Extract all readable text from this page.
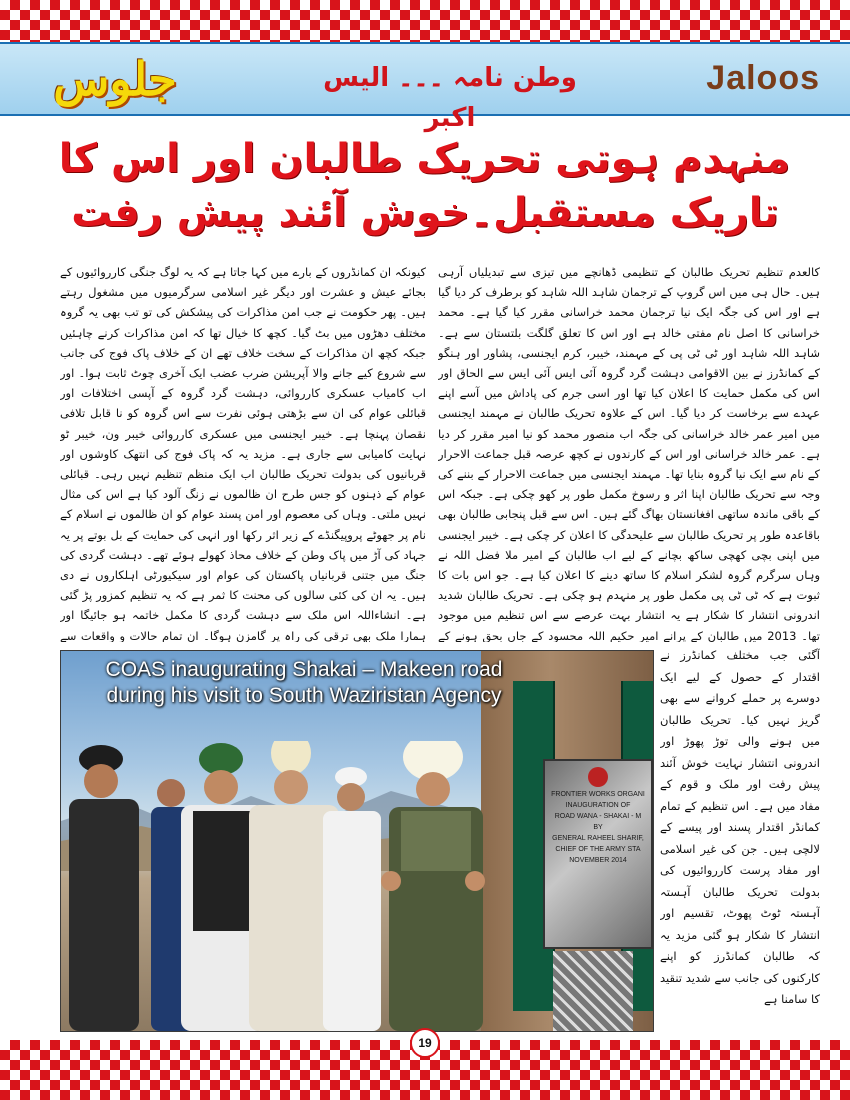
جلوس	وطن نامہ ۔۔۔ الیس اکبر
Jaloos
منہدم ہوتی تحریک طالبان اور اس کا
تاریک مستقبل۔خوش آئند پیش رفت
کالعدم تنظیم تحریک طالبان کے تنظیمی ڈھانچے میں تیزی سے تبدیلیاں آرہی ہیں۔ حال ہی میں اس گروپ کے ترجمان شاہد اللہ شاہد کو برطرف کر دیا گیا ہے اور اس کی جگہ ایک نیا ترجمان محمد خراسانی مقرر کیا گیا ہے۔ محمد خراسانی کا اصل نام مفتی خالد ہے اور اس کا تعلق گلگت بلتستان سے ہے۔ شاہد اللہ شاہد اور ٹی ٹی پی کے مہمند، خیبر، کرم ایجنسی، پشاور اور ہنگو کے کمانڈرز نے بین الاقوامی دہشت گرد گروہ آئی ایس آئی ایس سے الحاق اور اس کی مکمل حمایت کا اعلان کیا تھا اور اسی جرم کی پاداش میں آسے اپنے عہدے سے برخاست کر دیا گیا۔ اس کے علاوہ تحریک طالبان نے مہمند ایجنسی میں امیر عمر خالد خراسانی کی جگہ اب منصور محمد کو نیا امیر مقرر کر دیا ہے۔ عمر خالد خراسانی اور اس کے کارندوں نے کچھ عرصہ قبل جماعت الاحرار کے نام سے ایک نیا گروہ بنایا تھا۔ مہمند ایجنسی میں جماعت الاحرار کے بننے کی وجہ سے تحریک طالبان اپنا اثر و رسوخ مکمل طور پر کھو چکی ہے۔ جبکہ اس کے باقی ماندہ ساتھی افغانستان بھاگ گئے ہیں۔ اس سے قبل پنجابی طالبان بھی باقاعدہ طور پر تحریک طالبان سے علیحدگی کا اعلان کر چکی ہے۔ خیبر ایجنسی میں اپنی بچی کھچی ساکھ بچانے کے لیے اب طالبان کے امیر ملا فضل اللہ نے وہاں سرگرم گروہ لشکر اسلام کا ساتھ دینے کا اعلان کیا ہے۔ جو اس بات کا ثبوت ہے کہ ٹی ٹی پی مکمل طور پر منہدم ہو چکی ہے۔ تحریک طالبان شدید اندرونی انتشار کا شکار ہے یہ انتشار بہت عرصے سے اس تنظیم میں موجود تھا۔ 2013 میں طالبان کے پرانے امیر حکیم اللہ محسود کے جاں بحق ہونے کے
کیونکہ ان کمانڈروں کے بارے میں کہا جاتا ہے کہ یہ لوگ جنگی کارروائیوں کے بجائے عیش و عشرت اور دیگر غیر اسلامی سرگرمیوں میں مشغول رہتے ہیں۔ پھر حکومت نے جب امن مذاکرات کی پیشکش کی تو تب بھی یہ گروہ مختلف دھڑوں میں بٹ گیا۔ کچھ کا خیال تھا کہ امن مذاکرات کرنے چاہئیں جبکہ کچھ ان مذاکرات کے سخت خلاف تھے ان کے خلاف پاک فوج کی جانب سے شروع کیے جانے والا آپریشن ضرب عضب ایک آخری چوٹ ثابت ہوا۔ اور اب کامیاب عسکری کارروائی، دہشت گرد گروہ کے آپسی اختلافات اور قبائلی عوام کی ان سے بڑھتی ہوئی نفرت سے اس گروہ کو نا قابل تلافی نقصان پہنچا ہے۔ خیبر ایجنسی میں عسکری کارروائی خیبر ون، خیبر ٹو نہایت کامیابی سے جاری ہے۔ مزید یہ کہ پاک فوج کی انتھک کاوشوں اور قربانیوں کی بدولت تحریک طالبان اب ایک منظم تنظیم نہیں رہی۔ قبائلی عوام کے ذہنوں کو جس طرح ان ظالموں نے زنگ آلود کیا ہے اس کی مثال نہیں ملتی۔ وہاں کی معصوم اور امن پسند عوام کو ان ظالموں نے اسلام کے نام پر جھوٹے پروپیگنڈے کے زیر اثر رکھا اور انہی کی حمایت کے بل بوتے پر یہ جہاد کی آڑ میں پاک وطن کے خلاف محاذ کھولے ہوئے تھے۔ دہشت گردی کی جنگ میں جتنی قربانیاں پاکستان کی عوام اور سیکیورٹی اہلکاروں نے دی ہیں۔ یہ ان کی کئی سالوں کی محنت کا ثمر ہے کہ یہ تنظیم کمزور پڑ گئی ہے۔ انشاءاللہ اس ملک سے دہشت گردی کا مکمل خاتمہ ہو جائیگا اور ہمارا ملک بھی ترقی کی راہ پر گامزن ہوگا۔ ان تمام حالات و واقعات سے
FRONTIER WORKS ORGANI
INAUGURATION OF
ROAD WANA - SHAKAI - M
BY
GENERAL RAHEEL SHARIF,
CHIEF OF THE ARMY STA
NOVEMBER 2014
COAS inaugurating Shakai – Makeen road
during his visit to South Waziristan Agency
آگئی جب مختلف کمانڈرز نے اقتدار کے حصول کے لیے ایک دوسرے پر حملے کروانے سے بھی گریز نہیں کیا۔ تحریک طالبان میں ہونے والی توڑ پھوڑ اور اندرونی انتشار نہایت خوش آئند پیش رفت اور ملک و قوم کے مفاد میں ہے۔ اس تنظیم کے تمام کمانڈر اقتدار پسند اور پیسے کے لالچی ہیں۔ جن کی غیر اسلامی اور مفاد پرست کارروائیوں کی بدولت تحریک طالبان آہستہ آہستہ ٹوٹ پھوٹ، تقسیم اور انتشار کا شکار ہو گئی مزید یہ کہ طالبان کمانڈرز کو اپنے کارکنوں کی جانب سے شدید تنقید کا سامنا ہے
19
